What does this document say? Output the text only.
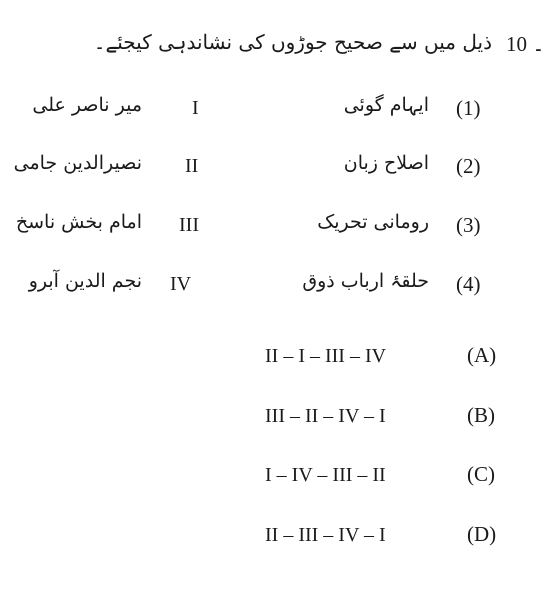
10 ۔
ذیل میں سے صحیح جوڑوں کی نشاندہی کیجئے۔
(1)
ایہام گوئی
I
میر ناصر علی
(2)
اصلاح زبان
II
نصیرالدین جامی
(3)
رومانی تحریک
III
امام بخش ناسخ
(4)
حلقۂ ارباب ذوق
IV
نجم الدین آبرو
II – I – III – IV	(A)
III – II – IV – I	(B)
I – IV – III – II	(C)
II – III – IV – I	(D)
